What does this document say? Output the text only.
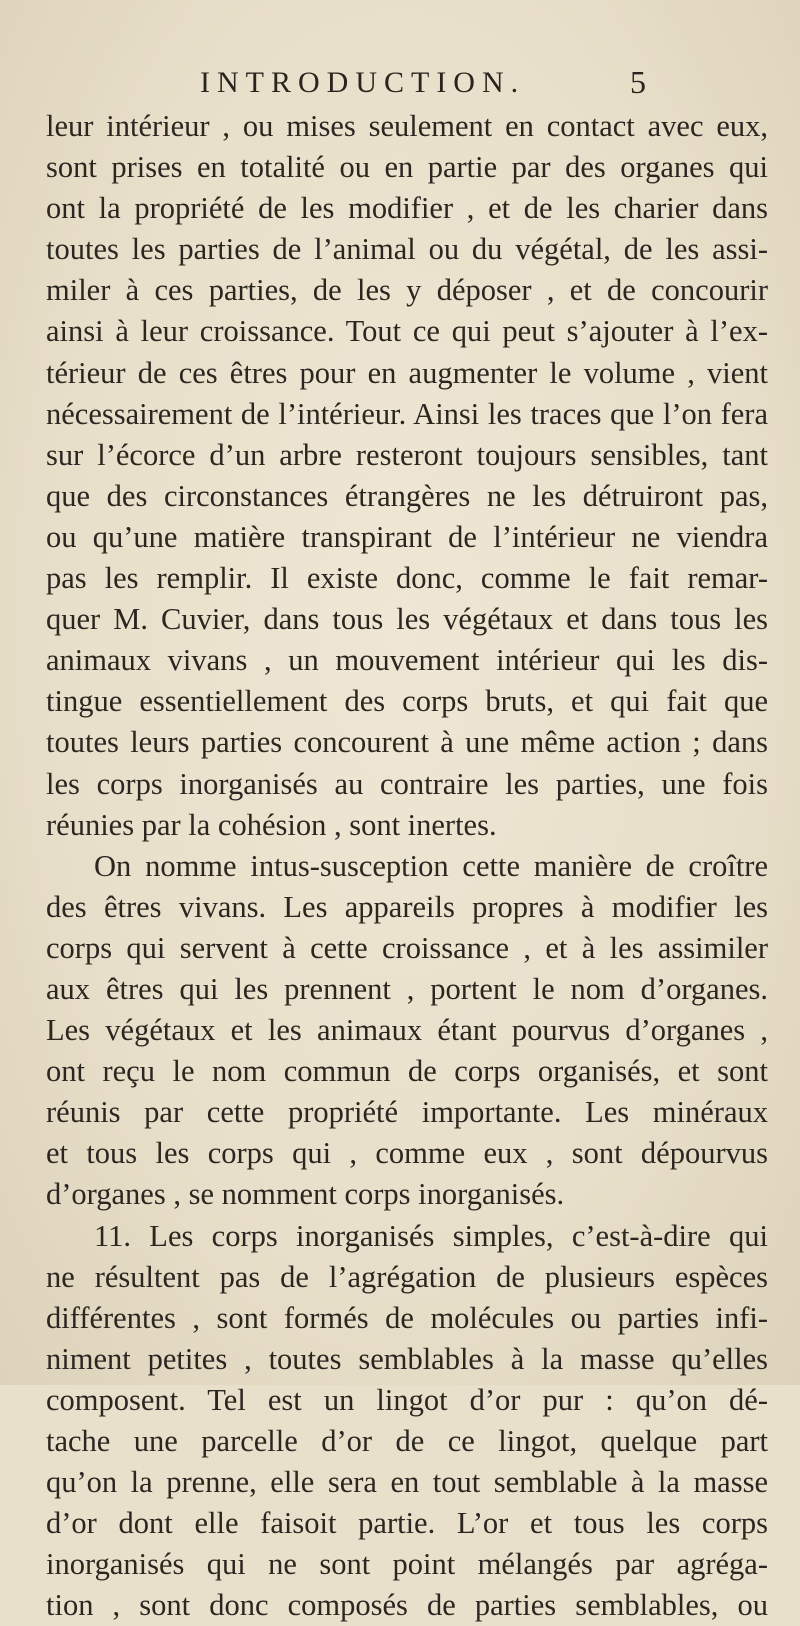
INTRODUCTION.	5
leur intérieur , ou mises seulement en contact avec eux,
sont prises en totalité ou en partie par des organes qui
ont la propriété de les modifier , et de les charier dans
toutes les parties de l’animal ou du végétal, de les assi-
miler à ces parties, de les y déposer , et de concourir
ainsi à leur croissance. Tout ce qui peut s’ajouter à l’ex-
térieur de ces êtres pour en augmenter le volume , vient
nécessairement de l’intérieur. Ainsi les traces que l’on fera
sur l’écorce d’un arbre resteront toujours sensibles, tant
que des circonstances étrangères ne les détruiront pas,
ou qu’une matière transpirant de l’intérieur ne viendra
pas les remplir. Il existe donc, comme le fait remar-
quer M. Cuvier, dans tous les végétaux et dans tous les
animaux vivans , un mouvement intérieur qui les dis-
tingue essentiellement des corps bruts, et qui fait que
toutes leurs parties concourent à une même action ; dans
les corps inorganisés au contraire les parties, une fois
réunies par la cohésion , sont inertes.
On nomme intus-susception cette manière de croître
des êtres vivans. Les appareils propres à modifier les
corps qui servent à cette croissance , et à les assimiler
aux êtres qui les prennent , portent le nom d’organes.
Les végétaux et les animaux étant pourvus d’organes ,
ont reçu le nom commun de corps organisés, et sont
réunis par cette propriété importante. Les minéraux
et tous les corps qui , comme eux , sont dépourvus
d’organes , se nomment corps inorganisés.
11. Les corps inorganisés simples, c’est-à-dire qui
ne résultent pas de l’agrégation de plusieurs espèces
différentes , sont formés de molécules ou parties infi-
niment petites , toutes semblables à la masse qu’elles
composent. Tel est un lingot d’or pur : qu’on dé-
tache une parcelle d’or de ce lingot, quelque part
qu’on la prenne, elle sera en tout semblable à la masse
d’or dont elle faisoit partie. L’or et tous les corps
inorganisés qui ne sont point mélangés par agréga-
tion , sont donc composés de parties semblables, ou
